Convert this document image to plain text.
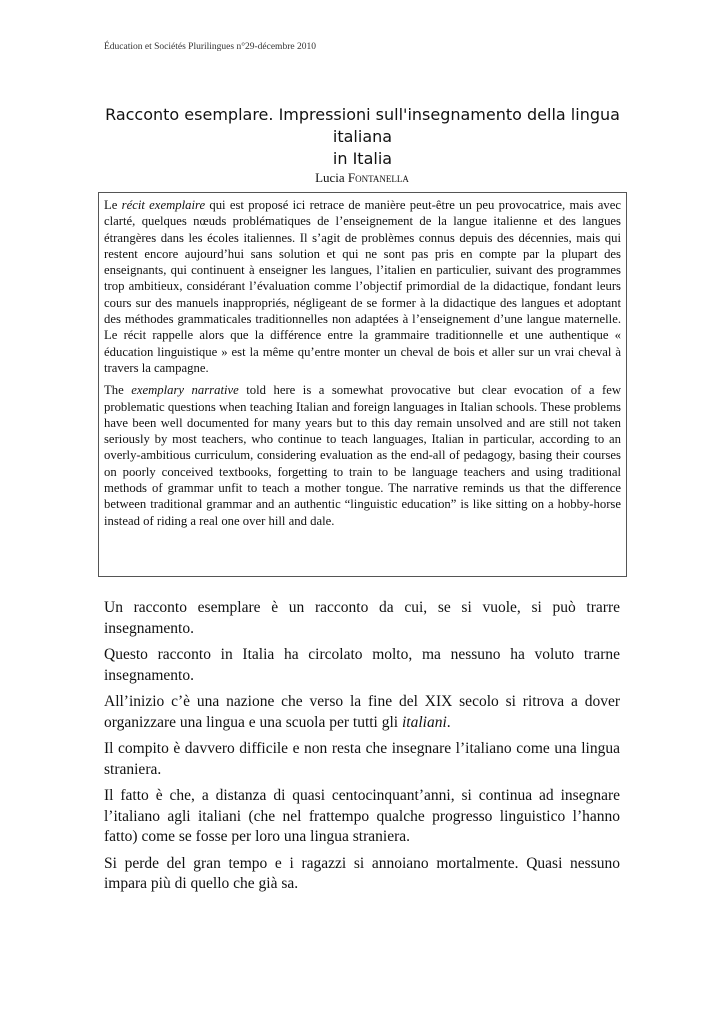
Éducation et Sociétés Plurilingues n°29-décembre 2010
Racconto esemplare. Impressioni sull'insegnamento della lingua italiana
in Italia
Lucia Fontanella

Le récit exemplaire qui est proposé ici retrace de manière peut-être un peu provocatrice, mais avec clarté, quelques nœuds problématiques de l’enseignement de la langue italienne et des langues étrangères dans les écoles italiennes. Il s’agit de problèmes connus depuis des décennies, mais qui restent encore aujourd’hui sans solution et qui ne sont pas pris en compte par la plupart des enseignants, qui continuent à enseigner les langues, l’italien en particulier, suivant des programmes trop ambitieux, considérant l’évaluation comme l’objectif primordial de la didactique, fondant leurs cours sur des manuels inappropriés, négligeant de se former à la didactique des langues et adoptant des méthodes grammaticales traditionnelles non adaptées à l’enseignement d’une langue maternelle. Le récit rappelle alors que la différence entre la grammaire traditionnelle et une authentique « éducation linguistique » est la même qu’entre monter un cheval de bois et aller sur un vrai cheval à travers la campagne.

The exemplary narrative told here is a somewhat provocative but clear evocation of a few problematic questions when teaching Italian and foreign languages in Italian schools. These problems have been well documented for many years but to this day remain unsolved and are still not taken seriously by most teachers, who continue to teach languages, Italian in particular, according to an overly-ambitious curriculum, considering evaluation as the end-all of pedagogy, basing their courses on poorly conceived textbooks, forgetting to train to be language teachers and using traditional methods of grammar unfit to teach a mother tongue. The narrative reminds us that the difference between traditional grammar and an authentic “linguistic education” is like sitting on a hobby-horse instead of riding a real one over hill and dale.

Un racconto esemplare è un racconto da cui, se si vuole, si può trarre insegnamento.

Questo racconto in Italia ha circolato molto, ma nessuno ha voluto trarne insegnamento.

All’inizio c’è una nazione che verso la fine del XIX secolo si ritrova a dover organizzare una lingua e una scuola per tutti gli italiani.

Il compito è davvero difficile e non resta che insegnare l’italiano come una lingua straniera.

Il fatto è che, a distanza di quasi centocinquant’anni, si continua ad insegnare l’italiano agli italiani (che nel frattempo qualche progresso linguistico l’hanno fatto) come se fosse per loro una lingua straniera.

Si perde del gran tempo e i ragazzi si annoiano mortalmente. Quasi nessuno impara più di quello che già sa.
